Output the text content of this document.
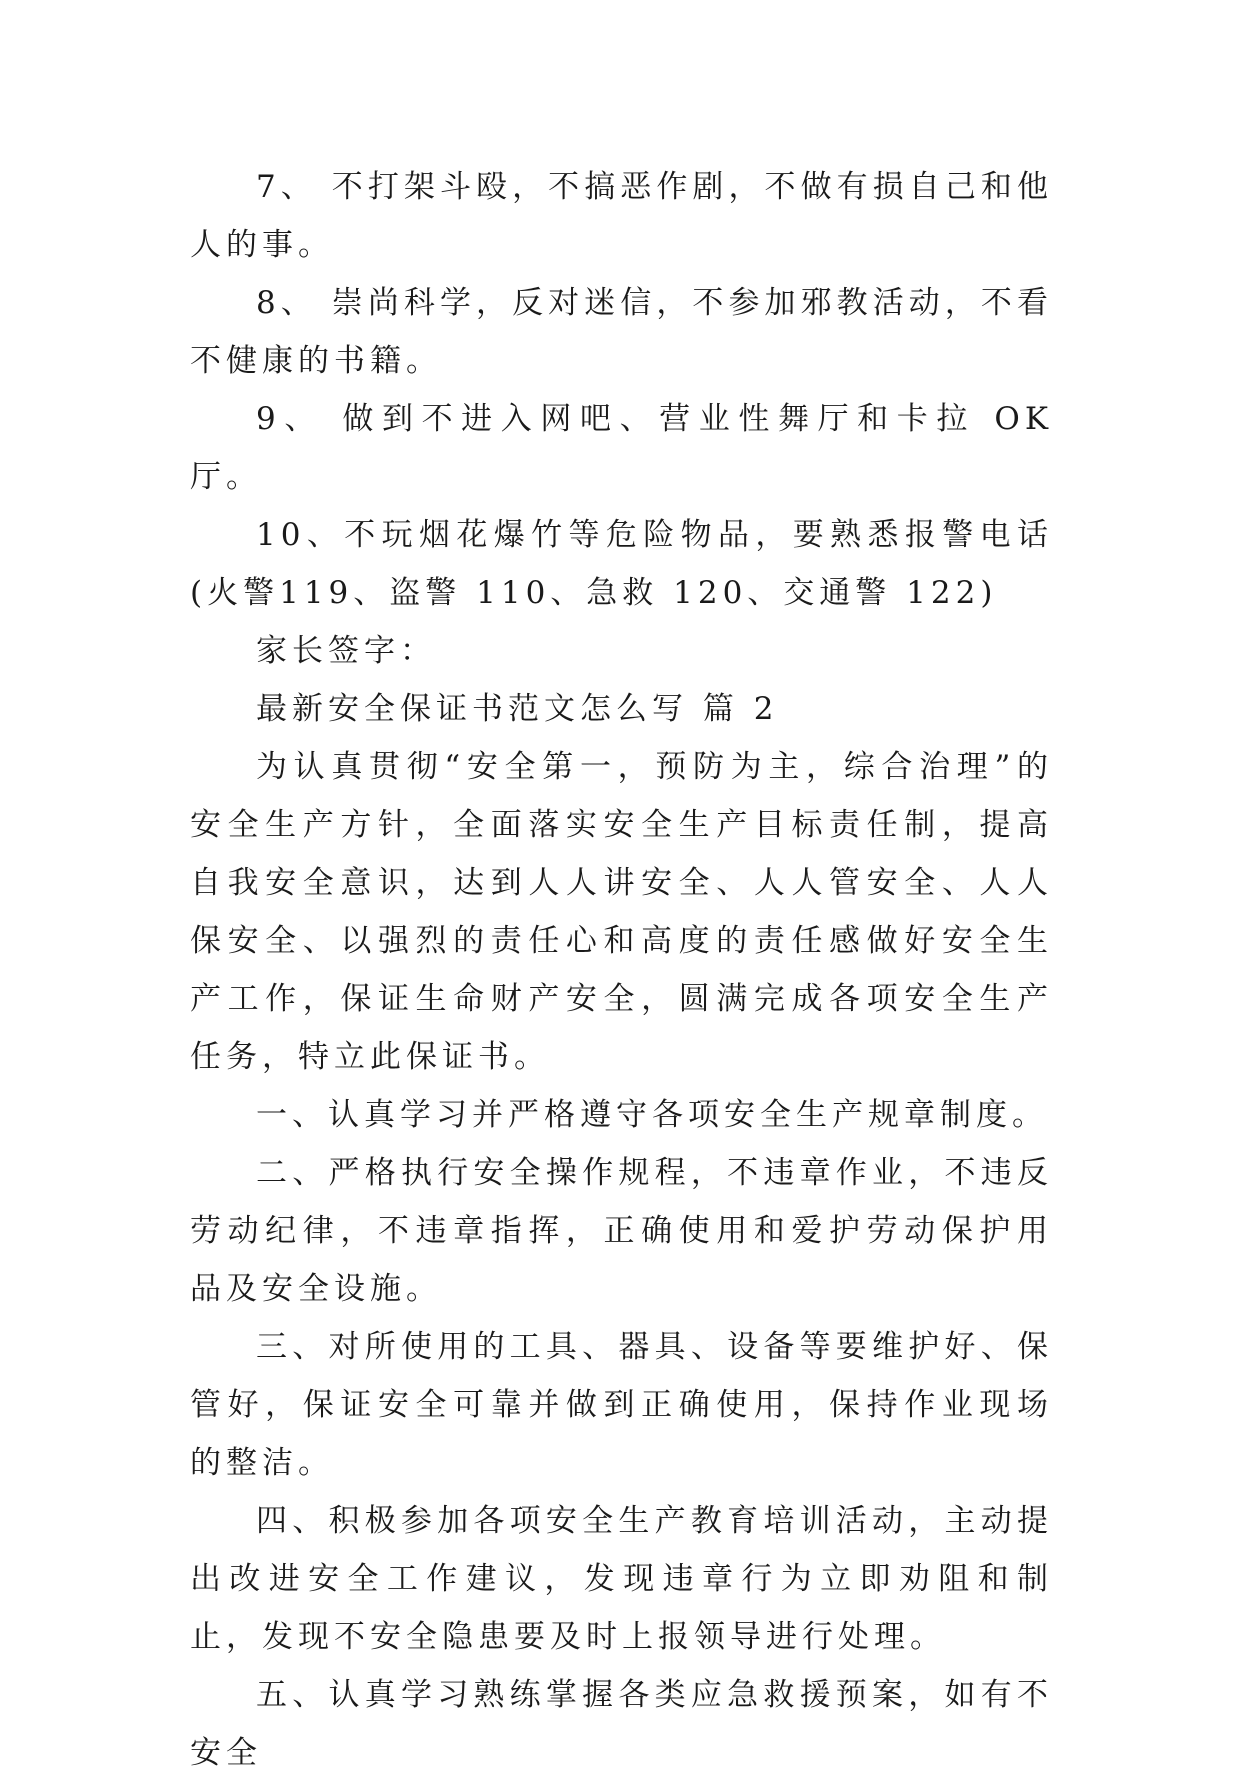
7、 不打架斗殴，不搞恶作剧，不做有损自己和他人的事。

8、 崇尚科学，反对迷信，不参加邪教活动，不看不健康的书籍。

9、 做到不进入网吧、营业性舞厅和卡拉 OK 厅。

10、不玩烟花爆竹等危险物品，要熟悉报警电话(火警119、盗警 110、急救 120、交通警 122)

家长签字：

最新安全保证书范文怎么写 篇 2

为认真贯彻“安全第一，预防为主，综合治理”的安全生产方针，全面落实安全生产目标责任制，提高自我安全意识，达到人人讲安全、人人管安全、人人保安全、以强烈的责任心和高度的责任感做好安全生产工作，保证生命财产安全，圆满完成各项安全生产任务，特立此保证书。

一、认真学习并严格遵守各项安全生产规章制度。

二、严格执行安全操作规程，不违章作业，不违反劳动纪律，不违章指挥，正确使用和爱护劳动保护用品及安全设施。

三、对所使用的工具、器具、设备等要维护好、保管好，保证安全可靠并做到正确使用，保持作业现场的整洁。

四、积极参加各项安全生产教育培训活动，主动提出改进安全工作建议，发现违章行为立即劝阻和制止，发现不安全隐患要及时上报领导进行处理。

五、认真学习熟练掌握各类应急救援预案，如有不安全
